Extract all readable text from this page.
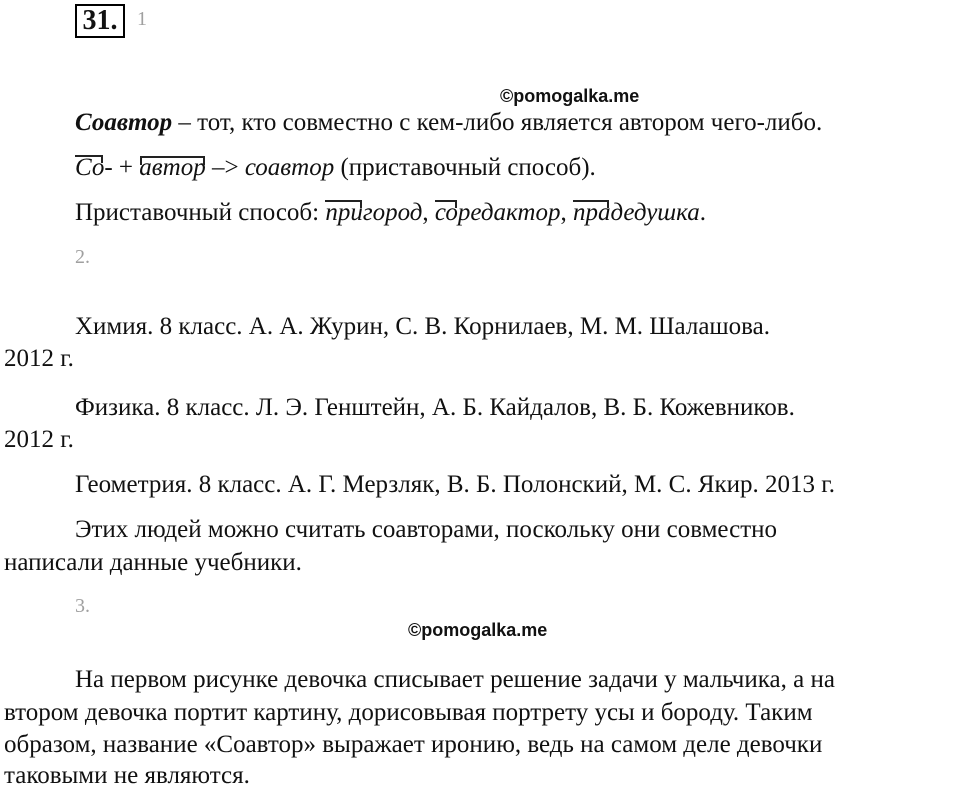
31. 1
©pomogalka.me
Соавтор – тот, кто совместно с кем-либо является автором чего-либо.
Со- + автор –> соавтор (приставочный способ).
Приставочный способ: пригород, соредактор, прадедушка.
2.
Химия. 8 класс. А. А. Журин, С. В. Корнилаев, М. М. Шалашова.
2012 г.
Физика. 8 класс. Л. Э. Генштейн, А. Б. Кайдалов, В. Б. Кожевников.
2012 г.
Геометрия. 8 класс. А. Г. Мерзляк, В. Б. Полонский, М. С. Якир. 2013 г.
Этих людей можно считать соавторами, поскольку они совместно
написали данные учебники.
3.
©pomogalka.me
На первом рисунке девочка списывает решение задачи у мальчика, а на
втором девочка портит картину, дорисовывая портрету усы и бороду. Таким
образом, название «Соавтор» выражает иронию, ведь на самом деле девочки
таковыми не являются.
